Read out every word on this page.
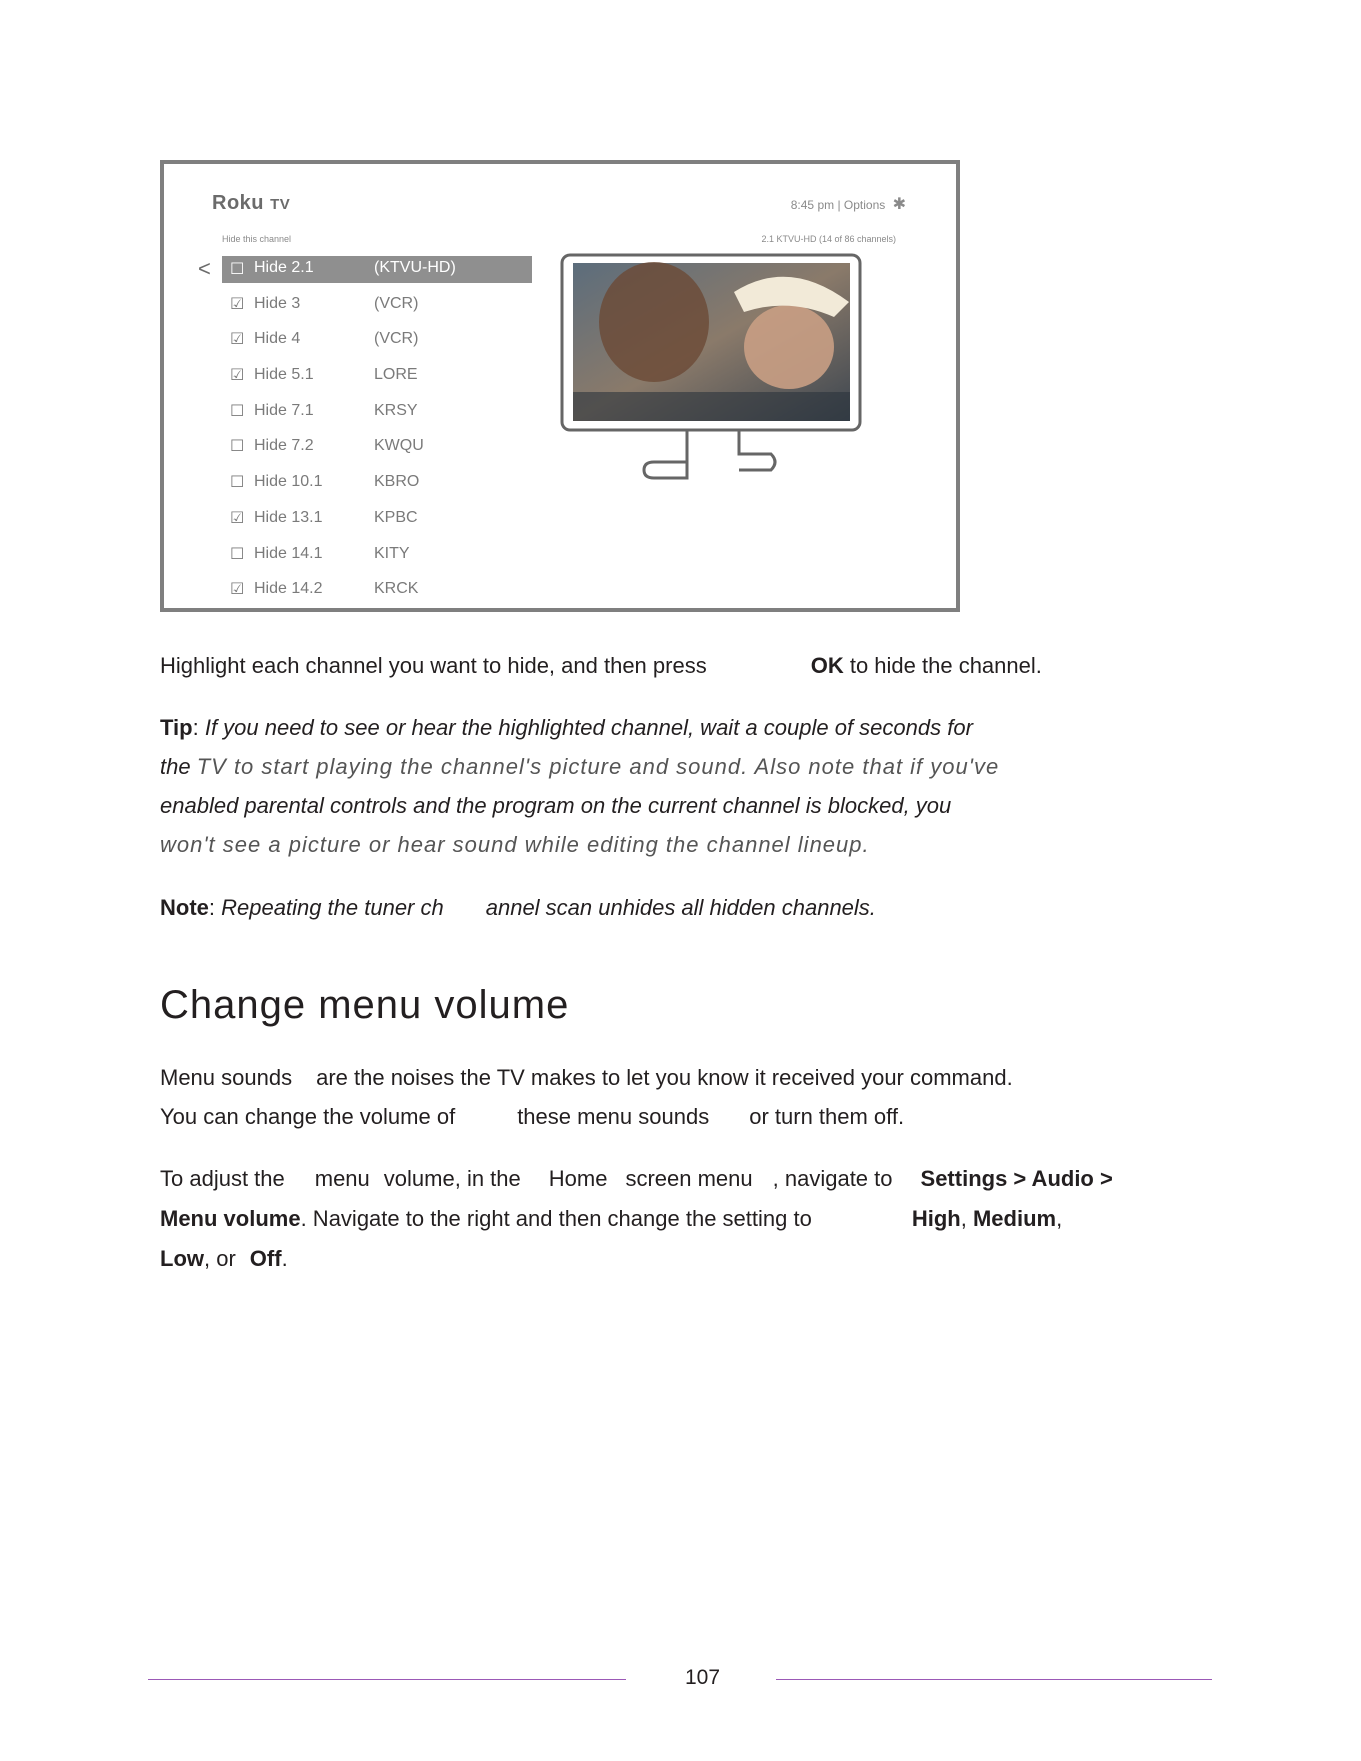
Roku TV	8:45 pm | Options ✱
Hide this channel	2.1 KTVU-HD (14 of 86 channels)
< ☐ Hide 2.1	(KTVU-HD)
☑ Hide 3	(VCR)
☑ Hide 4	(VCR)
☑ Hide 5.1	LORE
☐ Hide 7.1	KRSY
☐ Hide 7.2	KWQU
☐ Hide 10.1	KBRO
☑ Hide 13.1	KPBC
☐ Hide 14.1	KITY
☑ Hide 14.2	KRCK
Highlight each channel you want to hide, and then press	OK to hide the channel.
Tip: If you need to see or hear the highlighted channel, wait a couple of seconds for
the TV to start playing the channel's picture and sound. Also note that if you've
enabled parental controls and the program on the current channel is blocked, you
won't see a picture or hear sound while editing the channel lineup.
Note: Repeating the tuner ch annel scan unhides all hidden channels.
Change menu volume
Menu sounds are the noises the TV makes to let you know it received your command.
You can change the volume of	these menu sounds or turn them off.
To adjust the menu volume, in the Home screen menu , navigate to Settings > Audio >
Menu volume. Navigate to the right and then change the setting to	High, Medium,
Low, or Off.
107
